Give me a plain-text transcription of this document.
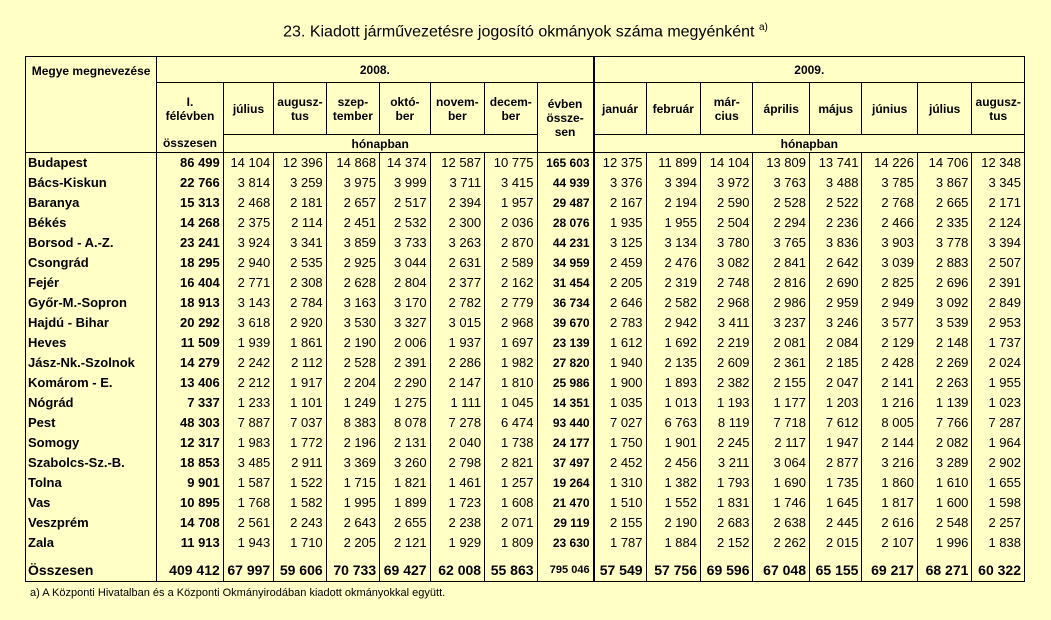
23. Kiadott járművezetésre jogosító okmányok száma megyénként $^{a)}$
Megye megnevezése	2008.								2009.							
	I. félévben	július	augusz- tus	szep- tember	októ- ber	novem- ber	decem- ber	évben össze- sen	január	február	már- cius	április	május	június	július	augusz- tus
	összesen	hónapban							hónapban							
Budapest	86 499	14 104	12 396	14 868	14 374	12 587	10 775	165 603	12 375	11 899	14 104	13 809	13 741	14 226	14 706	12 348
Bács-Kiskun	22 766	3 814	3 259	3 975	3 999	3 711	3 415	44 939	3 376	3 394	3 972	3 763	3 488	3 785	3 867	3 345
Baranya	15 313	2 468	2 181	2 657	2 517	2 394	1 957	29 487	2 167	2 194	2 590	2 528	2 522	2 768	2 665	2 171
Békés	14 268	2 375	2 114	2 451	2 532	2 300	2 036	28 076	1 935	1 955	2 504	2 294	2 236	2 466	2 335	2 124
Borsod - A.-Z.	23 241	3 924	3 341	3 859	3 733	3 263	2 870	44 231	3 125	3 134	3 780	3 765	3 836	3 903	3 778	3 394
Csongrád	18 295	2 940	2 535	2 925	3 044	2 631	2 589	34 959	2 459	2 476	3 082	2 841	2 642	3 039	2 883	2 507
Fejér	16 404	2 771	2 308	2 628	2 804	2 377	2 162	31 454	2 205	2 319	2 748	2 816	2 690	2 825	2 696	2 391
Győr-M.-Sopron	18 913	3 143	2 784	3 163	3 170	2 782	2 779	36 734	2 646	2 582	2 968	2 986	2 959	2 949	3 092	2 849
Hajdú - Bihar	20 292	3 618	2 920	3 530	3 327	3 015	2 968	39 670	2 783	2 942	3 411	3 237	3 246	3 577	3 539	2 953
Heves	11 509	1 939	1 861	2 190	2 006	1 937	1 697	23 139	1 612	1 692	2 219	2 081	2 084	2 129	2 148	1 737
Jász-Nk.-Szolnok	14 279	2 242	2 112	2 528	2 391	2 286	1 982	27 820	1 940	2 135	2 609	2 361	2 185	2 428	2 269	2 024
Komárom - E.	13 406	2 212	1 917	2 204	2 290	2 147	1 810	25 986	1 900	1 893	2 382	2 155	2 047	2 141	2 263	1 955
Nógrád	7 337	1 233	1 101	1 249	1 275	1 111	1 045	14 351	1 035	1 013	1 193	1 177	1 203	1 216	1 139	1 023
Pest	48 303	7 887	7 037	8 383	8 078	7 278	6 474	93 440	7 027	6 763	8 119	7 718	7 612	8 005	7 766	7 287
Somogy	12 317	1 983	1 772	2 196	2 131	2 040	1 738	24 177	1 750	1 901	2 245	2 117	1 947	2 144	2 082	1 964
Szabolcs-Sz.-B.	18 853	3 485	2 911	3 369	3 260	2 798	2 821	37 497	2 452	2 456	3 211	3 064	2 877	3 216	3 289	2 902
Tolna	9 901	1 587	1 522	1 715	1 821	1 461	1 257	19 264	1 310	1 382	1 793	1 690	1 735	1 860	1 610	1 655
Vas	10 895	1 768	1 582	1 995	1 899	1 723	1 608	21 470	1 510	1 552	1 831	1 746	1 645	1 817	1 600	1 598
Veszprém	14 708	2 561	2 243	2 643	2 655	2 238	2 071	29 119	2 155	2 190	2 683	2 638	2 445	2 616	2 548	2 257
Zala	11 913	1 943	1 710	2 205	2 121	1 929	1 809	23 630	1 787	1 884	2 152	2 262	2 015	2 107	1 996	1 838

Összesen	409 412	67 997	59 606	70 733	69 427	62 008	55 863	795 046	57 549	57 756	69 596	67 048	65 155	69 217	68 271	60 322
a) A Központi Hivatalban és a Központi Okmányirodában kiadott okmányokkal együtt.
